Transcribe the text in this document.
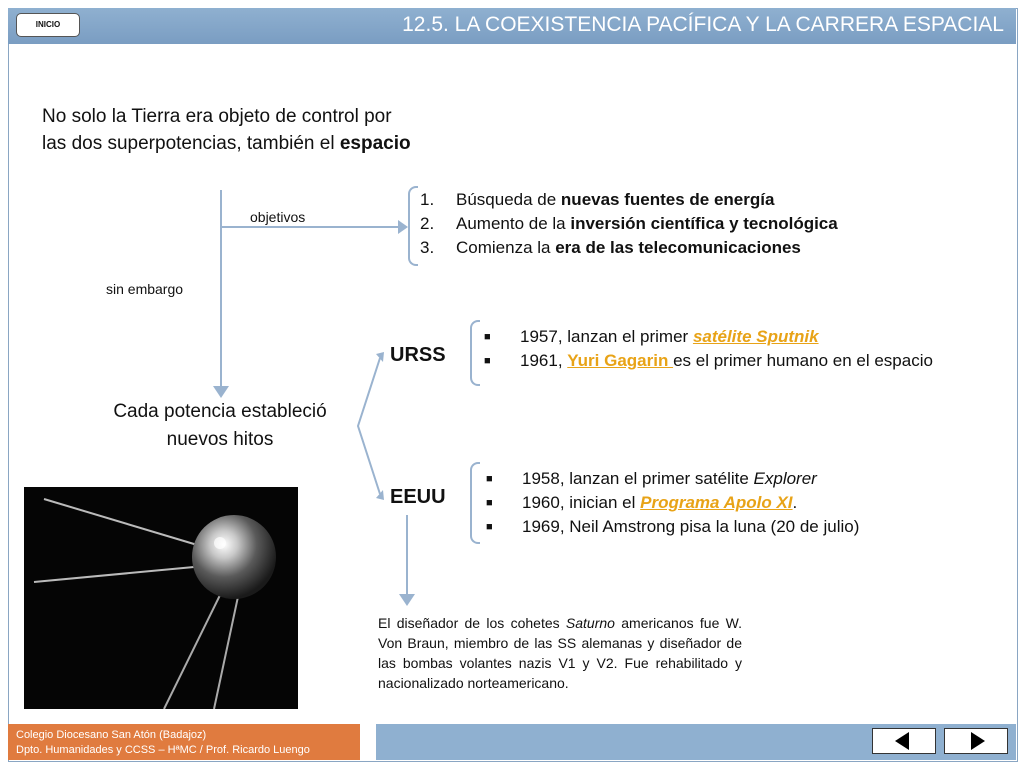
INICIO	12.5. LA COEXISTENCIA PACÍFICA Y LA CARRERA ESPACIAL
No solo la Tierra era objeto de control por las dos superpotencias, también el espacio
objetivos
sin embargo
1.	Búsqueda de nuevas fuentes de energía
2.	Aumento de la inversión científica y tecnológica
3.	Comienza la era de las telecomunicaciones
Cada potencia estableció nuevos hitos
URSS
EEUU
■	1957, lanzan el primer satélite Sputnik
■	1961, Yuri Gagarin es el primer humano en el espacio
■	1958, lanzan el primer satélite Explorer
■	1960, inician el Programa Apolo XI.
■	1969, Neil Amstrong pisa la luna (20 de julio)
El diseñador de los cohetes Saturno americanos fue W. Von Braun, miembro de las SS alemanas y diseñador de las bombas volantes nazis V1 y V2. Fue rehabilitado y nacionalizado norteamericano.
Colegio Diocesano San Atón (Badajoz)
Dpto. Humanidades y CCSS – HªMC / Prof. Ricardo Luengo
